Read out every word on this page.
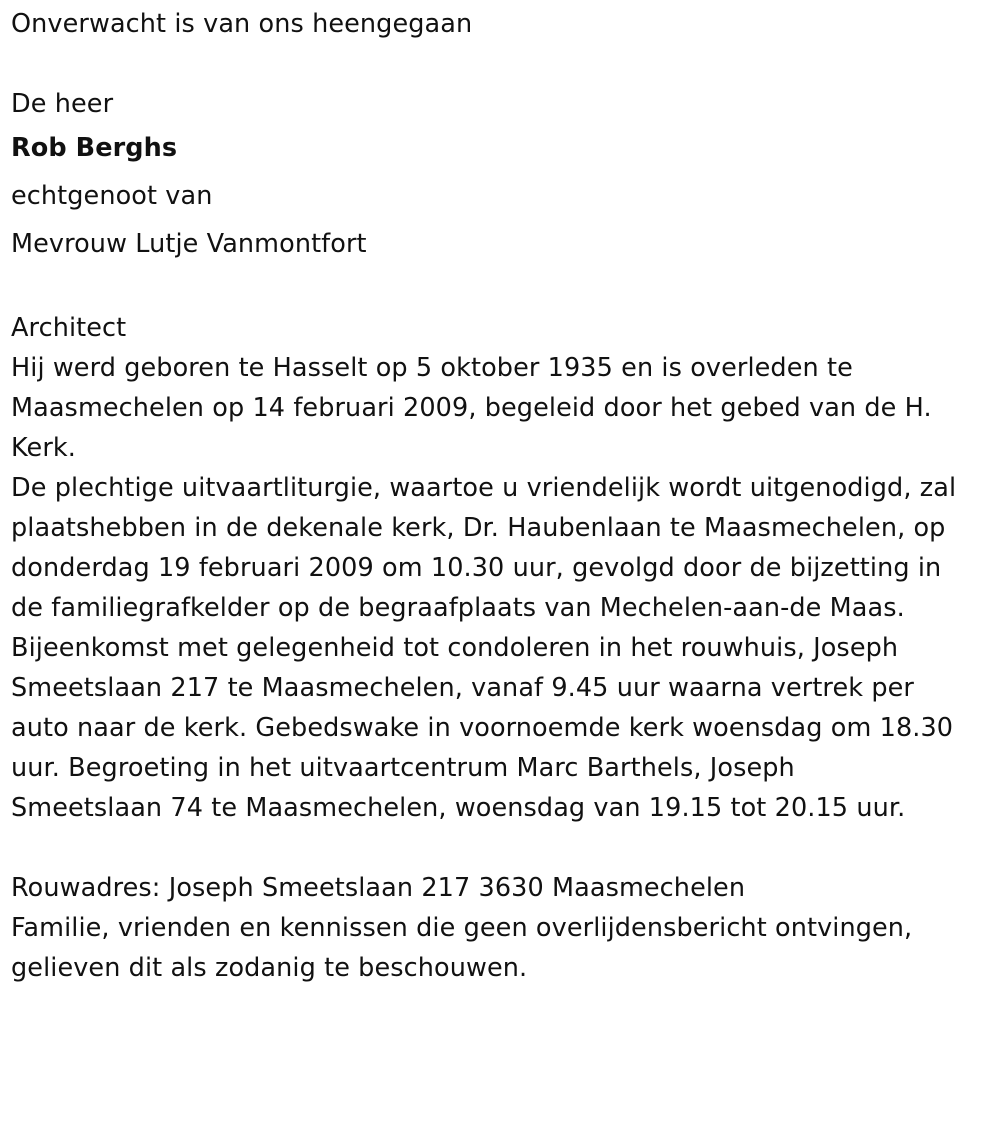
Onverwacht is van ons heengegaan
De heer
Rob Berghs
echtgenoot van
Mevrouw Lutje Vanmontfort
Architect
Hij werd geboren te Hasselt op 5 oktober 1935 en is overleden te
Maasmechelen op 14 februari 2009, begeleid door het gebed van de H.
Kerk.
De plechtige uitvaartliturgie, waartoe u vriendelijk wordt uitgenodigd, zal
plaatshebben in de dekenale kerk, Dr. Haubenlaan te Maasmechelen, op
donderdag 19 februari 2009 om 10.30 uur, gevolgd door de bijzetting in
de familiegrafkelder op de begraafplaats van Mechelen-aan-de Maas.
Bijeenkomst met gelegenheid tot condoleren in het rouwhuis, Joseph
Smeetslaan 217 te Maasmechelen, vanaf 9.45 uur waarna vertrek per
auto naar de kerk. Gebedswake in voornoemde kerk woensdag om 18.30
uur. Begroeting in het uitvaartcentrum Marc Barthels, Joseph
Smeetslaan 74 te Maasmechelen, woensdag van 19.15 tot 20.15 uur.
Rouwadres: Joseph Smeetslaan 217 3630 Maasmechelen
Familie, vrienden en kennissen die geen overlijdensbericht ontvingen,
gelieven dit als zodanig te beschouwen.
